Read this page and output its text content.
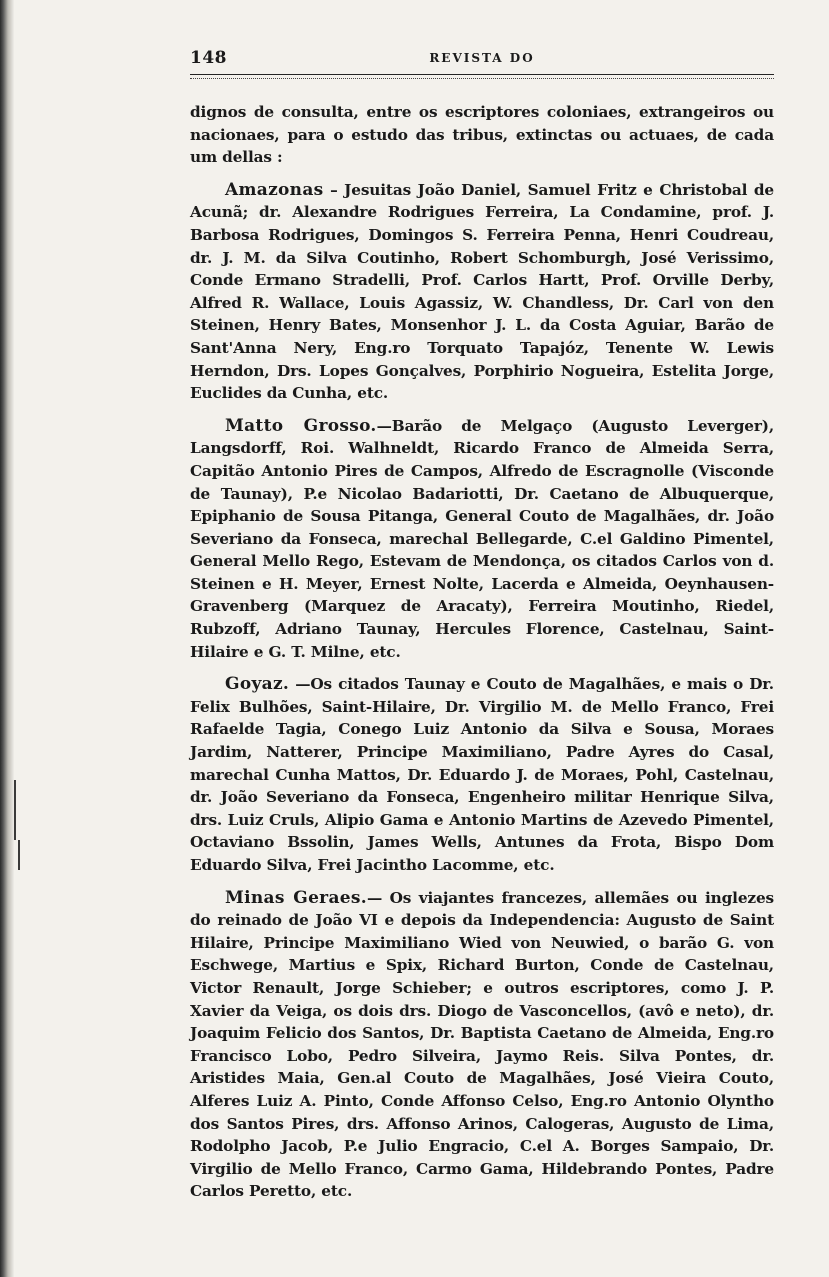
148	REVISTA DO

dignos de consulta, entre os escriptores coloniaes, extrangeiros ou nacionaes, para o estudo das tribus, extinctas ou actuaes, de cada um dellas :

Amazonas – Jesuitas João Daniel, Samuel Fritz e Christobal de Acunã; dr. Alexandre Rodrigues Ferreira, La Condamine, prof. J. Barbosa Rodrigues, Domingos S. Ferreira Penna, Henri Coudreau, dr. J. M. da Silva Coutinho, Robert Schomburgh, José Verissimo, Conde Ermano Stradelli, Prof. Carlos Hartt, Prof. Orville Derby, Alfred R. Wallace, Louis Agassiz, W. Chandless, Dr. Carl von den Steinen, Henry Bates, Monsenhor J. L. da Costa Aguiar, Barão de Sant'Anna Nery, Eng.ro Torquato Tapajóz, Tenente W. Lewis Herndon, Drs. Lopes Gonçalves, Porphirio Nogueira, Estelita Jorge, Euclides da Cunha, etc.

Matto Grosso.—Barão de Melgaço (Augusto Leverger), Langsdorff, Roi. Walhneldt, Ricardo Franco de Almeida Serra, Capitão Antonio Pires de Campos, Alfredo de Escragnolle (Visconde de Taunay), P.e Nicolao Badariotti, Dr. Caetano de Albuquerque, Epiphanio de Sousa Pitanga, General Couto de Magalhães, dr. João Severiano da Fonseca, marechal Bellegarde, C.el Galdino Pimentel, General Mello Rego, Estevam de Mendonça, os citados Carlos von d. Steinen e H. Meyer, Ernest Nolte, Lacerda e Almeida, Oeynhausen-Gravenberg (Marquez de Aracaty), Ferreira Moutinho, Riedel, Rubzoff, Adriano Taunay, Hercules Florence, Castelnau, Saint-Hilaire e G. T. Milne, etc.

Goyaz. —Os citados Taunay e Couto de Magalhães, e mais o Dr. Felix Bulhões, Saint-Hilaire, Dr. Virgilio M. de Mello Franco, Frei Rafaelde Tagia, Conego Luiz Antonio da Silva e Sousa, Moraes Jardim, Natterer, Principe Maximiliano, Padre Ayres do Casal, marechal Cunha Mattos, Dr. Eduardo J. de Moraes, Pohl, Castelnau, dr. João Severiano da Fonseca, Engenheiro militar Henrique Silva, drs. Luiz Cruls, Alipio Gama e Antonio Martins de Azevedo Pimentel, Octaviano Bssolin, James Wells, Antunes da Frota, Bispo Dom Eduardo Silva, Frei Jacintho Lacomme, etc.

Minas Geraes.— Os viajantes francezes, allemães ou inglezes do reinado de João VI e depois da Independencia: Augusto de Saint Hilaire, Principe Maximiliano Wied von Neuwied, o barão G. von Eschwege, Martius e Spix, Richard Burton, Conde de Castelnau, Victor Renault, Jorge Schieber; e outros escriptores, como J. P. Xavier da Veiga, os dois drs. Diogo de Vasconcellos, (avô e neto), dr. Joaquim Felicio dos Santos, Dr. Baptista Caetano de Almeida, Eng.ro Francisco Lobo, Pedro Silveira, Jaymo Reis. Silva Pontes, dr. Aristides Maia, Gen.al Couto de Magalhães, José Vieira Couto, Alferes Luiz A. Pinto, Conde Affonso Celso, Eng.ro Antonio Olyntho dos Santos Pires, drs. Affonso Arinos, Calogeras, Augusto de Lima, Rodolpho Jacob, P.e Julio Engracio, C.el A. Borges Sampaio, Dr. Virgilio de Mello Franco, Carmo Gama, Hildebrando Pontes, Padre Carlos Peretto, etc.
